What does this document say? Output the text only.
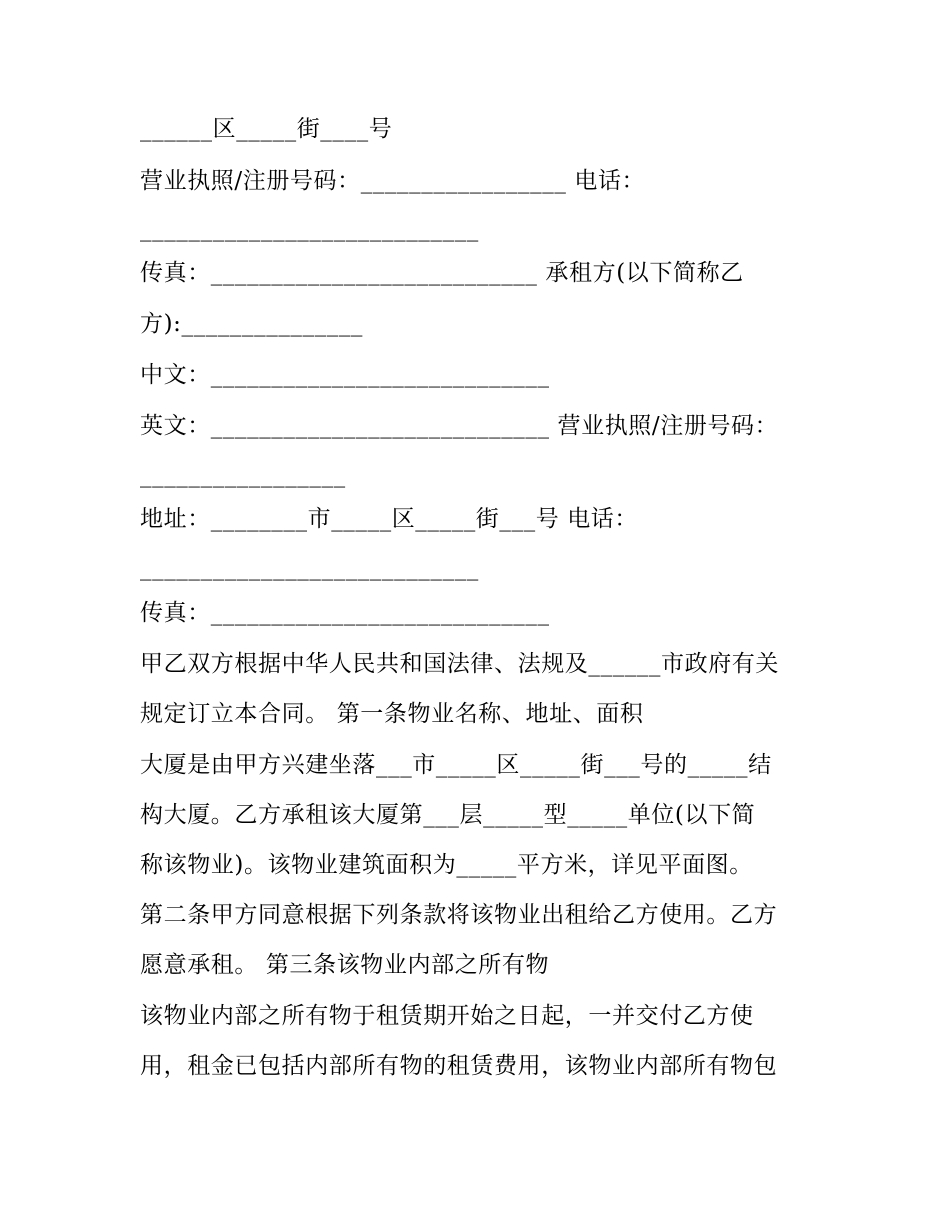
______区_____街____号
营业执照/注册号码：_________________ 电话：
____________________________
传真：___________________________ 承租方(以下简称乙
方):_______________
中文：____________________________
英文：____________________________ 营业执照/注册号码：
_________________
地址：________市_____区_____街___号 电话：
____________________________
传真：____________________________
甲乙双方根据中华人民共和国法律、法规及______市政府有关
规定订立本合同。 第一条物业名称、地址、面积
大厦是由甲方兴建坐落___市_____区_____街___号的_____结
构大厦。乙方承租该大厦第___层_____型_____单位(以下简
称该物业)。该物业建筑面积为_____平方米，详见平面图。
第二条甲方同意根据下列条款将该物业出租给乙方使用。乙方
愿意承租。 第三条该物业内部之所有物
该物业内部之所有物于租赁期开始之日起，一并交付乙方使
用，租金已包括内部所有物的租赁费用，该物业内部所有物包
